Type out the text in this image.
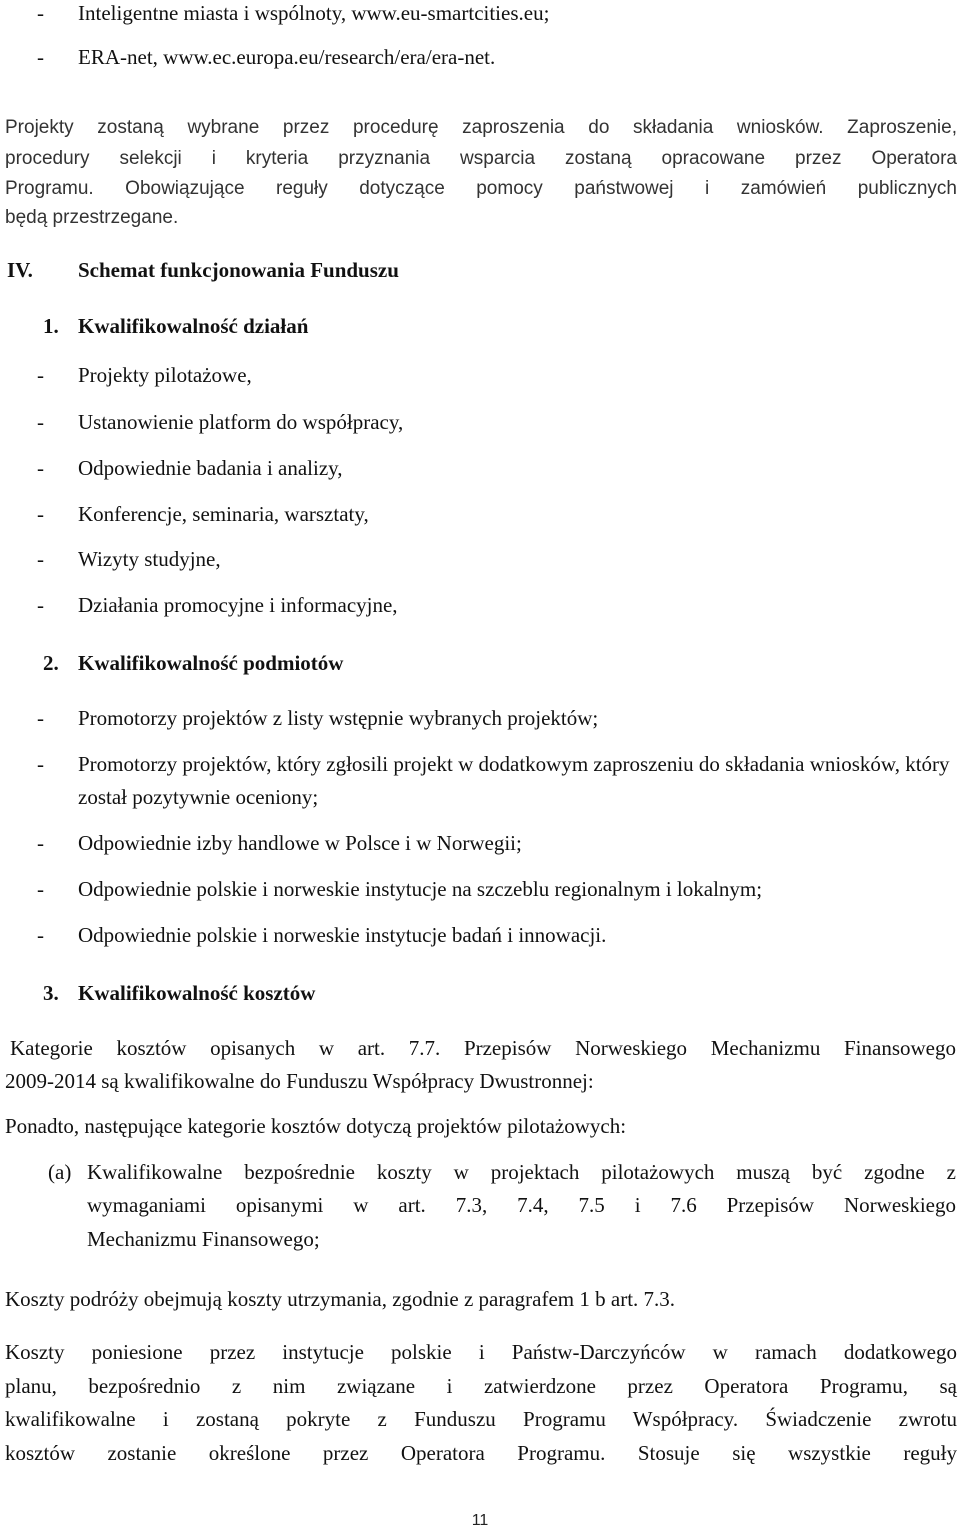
-	Inteligentne miasta i wspólnoty, www.eu-smartcities.eu;
-	ERA-net, www.ec.europa.eu/research/era/era-net.
Projekty zostaną wybrane przez procedurę zaproszenia do składania wniosków. Zaproszenie,
procedury selekcji i kryteria przyznania wsparcia zostaną opracowane przez Operatora
Programu. Obowiązujące reguły dotyczące pomocy państwowej i zamówień publicznych
będą przestrzegane.
IV. Schemat funkcjonowania Funduszu
1. Kwalifikowalność działań
-	Projekty pilotażowe,
-	Ustanowienie platform do współpracy,
-	Odpowiednie badania i analizy,
-	Konferencje, seminaria, warsztaty,
-	Wizyty studyjne,
-	Działania promocyjne i informacyjne,
2. Kwalifikowalność podmiotów
-	Promotorzy projektów z listy wstępnie wybranych projektów;
-	Promotorzy projektów, który zgłosili projekt w dodatkowym zaproszeniu do składania wniosków, który został pozytywnie oceniony;
-	Odpowiednie izby handlowe w Polsce i w Norwegii;
-	Odpowiednie polskie i norweskie instytucje na szczeblu regionalnym i lokalnym;
-	Odpowiednie polskie i norweskie instytucje badań i innowacji.
3. Kwalifikowalność kosztów
Kategorie kosztów opisanych w art. 7.7. Przepisów Norweskiego Mechanizmu Finansowego
2009-2014 są kwalifikowalne do Funduszu Współpracy Dwustronnej:
Ponadto, następujące kategorie kosztów dotyczą projektów pilotażowych:
(a) Kwalifikowalne bezpośrednie koszty w projektach pilotażowych muszą być zgodne z
wymaganiami opisanymi w art. 7.3, 7.4, 7.5 i 7.6 Przepisów Norweskiego
Mechanizmu Finansowego;
Koszty podróży obejmują koszty utrzymania, zgodnie z paragrafem 1 b art. 7.3.
Koszty poniesione przez instytucje polskie i Państw-Darczyńców w ramach dodatkowego
planu, bezpośrednio z nim związane i zatwierdzone przez Operatora Programu, są
kwalifikowalne i zostaną pokryte z Funduszu Programu Współpracy. Świadczenie zwrotu
kosztów zostanie określone przez Operatora Programu. Stosuje się wszystkie reguły
11
